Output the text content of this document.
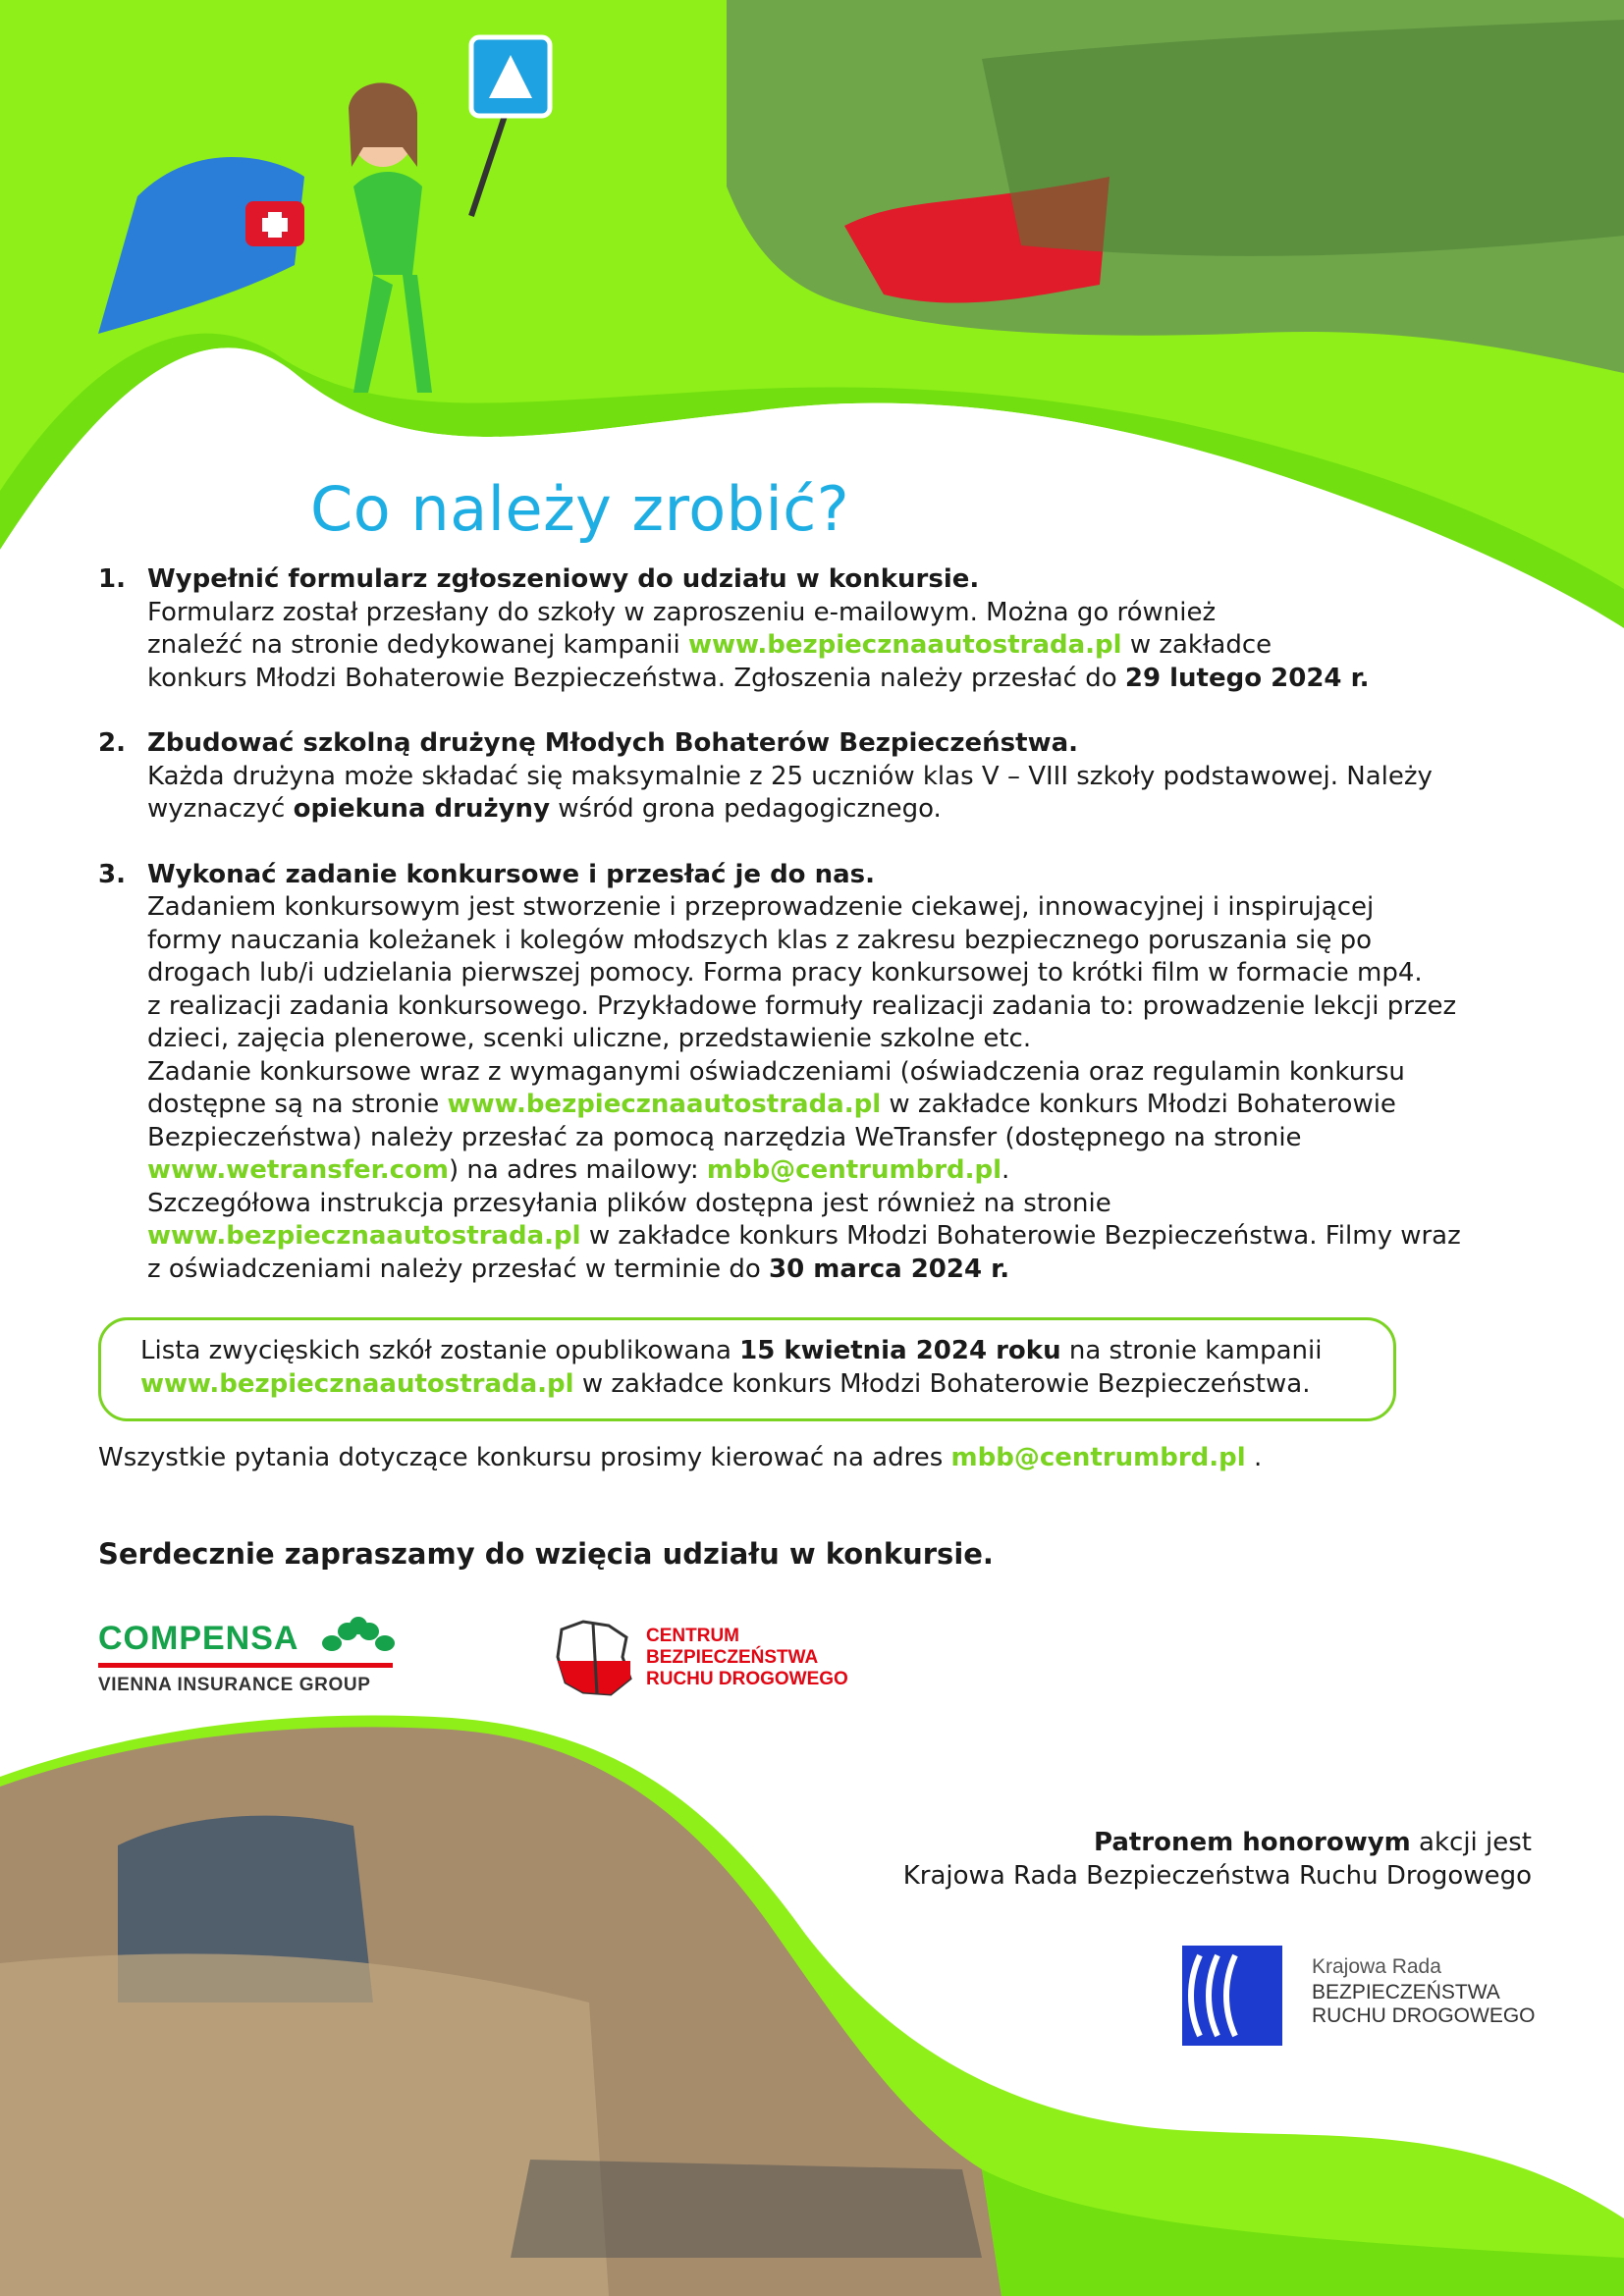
Co należy zrobić?
1. Wypełnić formularz zgłoszeniowy do udziału w konkursie.
Formularz został przesłany do szkoły w zaproszeniu e-mailowym. Można go również
znaleźć na stronie dedykowanej kampanii www.bezpiecznaautostrada.pl w zakładce
konkurs Młodzi Bohaterowie Bezpieczeństwa. Zgłoszenia należy przesłać do 29 lutego 2024 r.
2. Zbudować szkolną drużynę Młodych Bohaterów Bezpieczeństwa.
Każda drużyna może składać się maksymalnie z 25 uczniów klas V – VIII szkoły podstawowej. Należy
wyznaczyć opiekuna drużyny wśród grona pedagogicznego.
3. Wykonać zadanie konkursowe i przesłać je do nas.
Zadaniem konkursowym jest stworzenie i przeprowadzenie ciekawej, innowacyjnej i inspirującej
formy nauczania koleżanek i kolegów młodszych klas z zakresu bezpiecznego poruszania się po
drogach lub/i udzielania pierwszej pomocy. Forma pracy konkursowej to krótki film w formacie mp4.
z realizacji zadania konkursowego. Przykładowe formuły realizacji zadania to: prowadzenie lekcji przez
dzieci, zajęcia plenerowe, scenki uliczne, przedstawienie szkolne etc.
Zadanie konkursowe wraz z wymaganymi oświadczeniami (oświadczenia oraz regulamin konkursu
dostępne są na stronie www.bezpiecznaautostrada.pl w zakładce konkurs Młodzi Bohaterowie
Bezpieczeństwa) należy przesłać za pomocą narzędzia WeTransfer (dostępnego na stronie
www.wetransfer.com) na adres mailowy: mbb@centrumbrd.pl.
Szczegółowa instrukcja przesyłania plików dostępna jest również na stronie
www.bezpiecznaautostrada.pl w zakładce konkurs Młodzi Bohaterowie Bezpieczeństwa. Filmy wraz
z oświadczeniami należy przesłać w terminie do 30 marca 2024 r.
Lista zwycięskich szkół zostanie opublikowana 15 kwietnia 2024 roku na stronie kampanii
www.bezpiecznaautostrada.pl w zakładce konkurs Młodzi Bohaterowie Bezpieczeństwa.
Wszystkie pytania dotyczące konkursu prosimy kierować na adres mbb@centrumbrd.pl .
Serdecznie zapraszamy do wzięcia udziału w konkursie.
COMPENSA
VIENNA INSURANCE GROUP
CENTRUM
BEZPIECZEŃSTWA
RUCHU DROGOWEGO
Patronem honorowym akcji jest
Krajowa Rada Bezpieczeństwa Ruchu Drogowego
Krajowa Rada
BEZPIECZEŃSTWA
RUCHU DROGOWEGO
